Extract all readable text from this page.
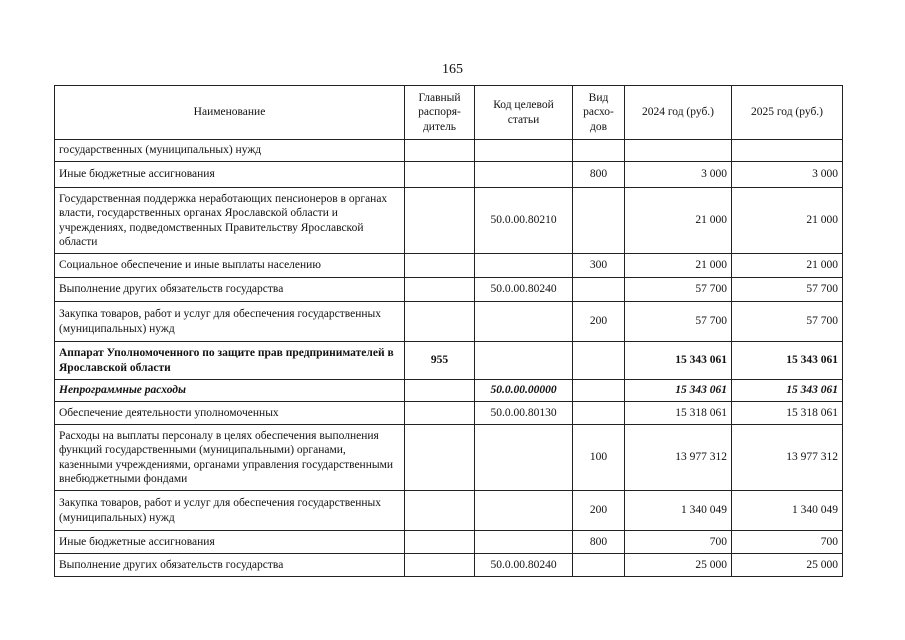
165
Наименование	Главный распоря-дитель	Код целевой статьи	Вид расхо-дов	2024 год (руб.)	2025 год (руб.)
государственных (муниципальных) нужд					
Иные бюджетные ассигнования			800	3 000	3 000
Государственная поддержка неработающих пенсионеров в органах власти, государственных органах Ярославской области и учреждениях, подведомственных Правительству Ярославской области		50.0.00.80210		21 000	21 000
Социальное обеспечение и иные выплаты населению			300	21 000	21 000
Выполнение других обязательств государства		50.0.00.80240		57 700	57 700
Закупка товаров, работ и услуг для обеспечения государственных (муниципальных) нужд			200	57 700	57 700
Аппарат Уполномоченного по защите прав предпринимателей в Ярославской области	955			15 343 061	15 343 061
Непрограммные расходы		50.0.00.00000		15 343 061	15 343 061
Обеспечение деятельности уполномоченных		50.0.00.80130		15 318 061	15 318 061
Расходы на выплаты персоналу в целях обеспечения выполнения функций государственными (муниципальными) органами, казенными учреждениями, органами управления государственными внебюджетными фондами			100	13 977 312	13 977 312
Закупка товаров, работ и услуг для обеспечения государственных (муниципальных) нужд			200	1 340 049	1 340 049
Иные бюджетные ассигнования			800	700	700
Выполнение других обязательств государства		50.0.00.80240		25 000	25 000
